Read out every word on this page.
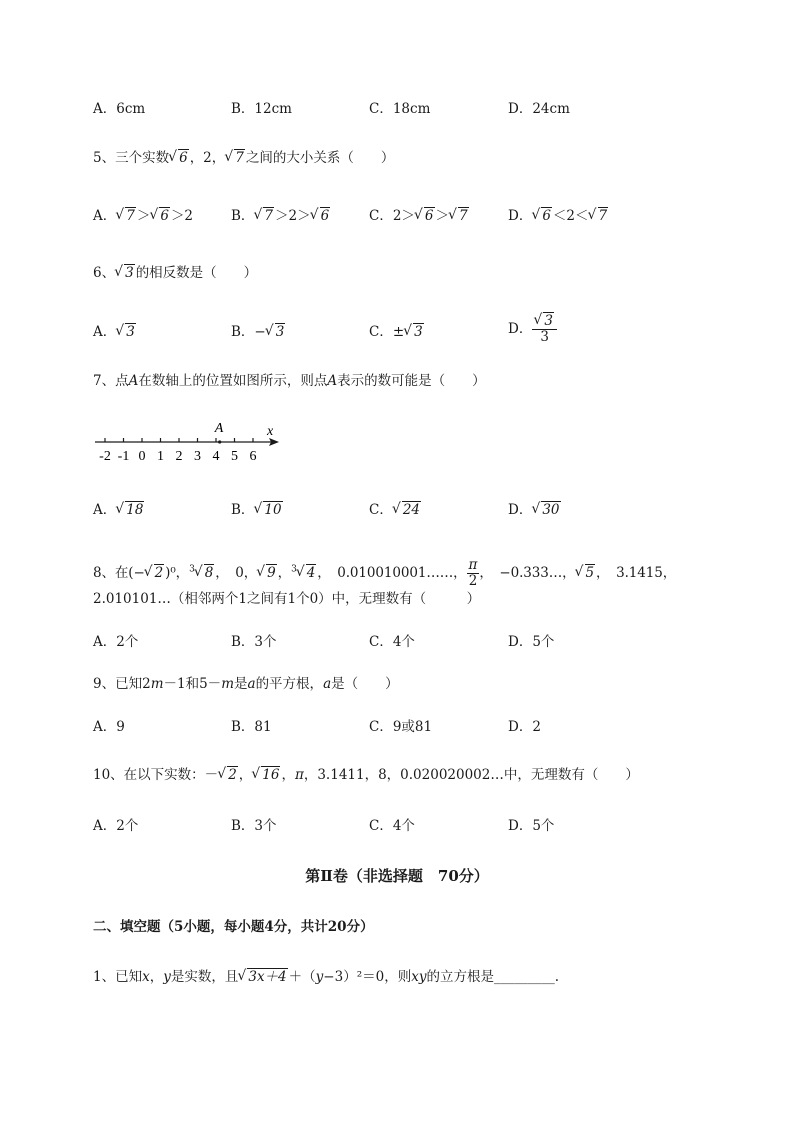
A．6cm	B．12cm	C．18cm	D．24cm
5、三个实数 √ 6 ，2， √ 7 之间的大小关系（　　）
A． √ 7 ＞ √ 6 ＞2	B． √ 7 ＞2＞ √ 6	C．2＞ √ 6 ＞ √ 7	D． √ 6 ＜2＜ √ 7
6、 √ 3 的相反数是（　　）
A． √ 3	B．− √ 3	C．± √ 3	D． √ $\frac{3}{3}$
7、点A在数轴上的位置如图所示，则点A表示的数可能是（　　）
-2 -1 0 1 2 3 4 5 6
A	x
A． √ 18	B． √ 10	C． √ 24	D． √ 30
8、在(− √ 2 )⁰，$^3$ √ 8 ，　0， √ 9 ，$^3$ √ 4 ，　0.010010001……， $\frac{\pi}{2}$ ，　−0.333…， √ 5 ，　3.1415，
2.010101…（相邻两个1之间有1个0）中，无理数有（　　　）
A．2个	B．3个	C．4个	D．5个
9、已知2m－1和5－m是a的平方根，a是（　　）
A．9	B．81	C．9或81	D．2
10、在以下实数：－ √ 2 ， √ 16 ，π，3.1411，8，0.020020002…中，无理数有（　　）
A．2个	B．3个	C．4个	D．5个
第Ⅱ卷（非选择题　70分）
二、填空题（5小题，每小题4分，共计20分）
1、已知x，y是实数，且 √ 3x＋4 ＋（y−3）²＝0，则xy的立方根是_________.
